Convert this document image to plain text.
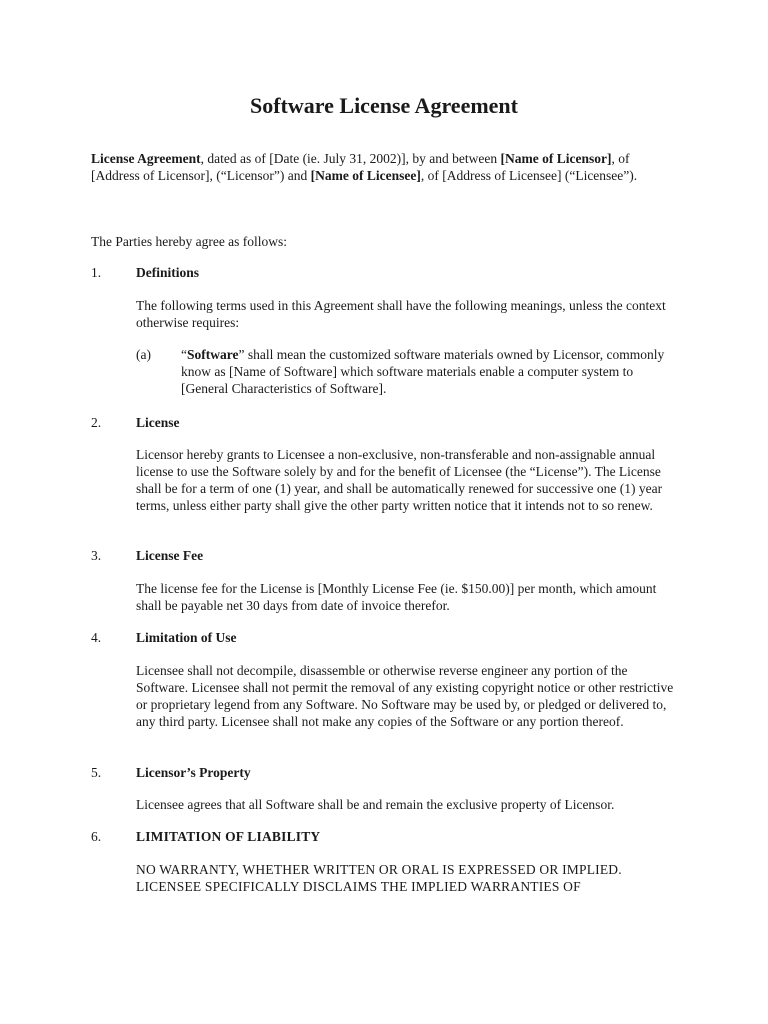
Software License Agreement
License Agreement, dated as of [Date (ie. July 31, 2002)], by and between [Name of Licensor], of [Address of Licensor], (“Licensor”) and [Name of Licensee], of [Address of Licensee] (“Licensee”).
The Parties hereby agree as follows:
1.	Definitions
The following terms used in this Agreement shall have the following meanings, unless the context otherwise requires:
(a) “Software” shall mean the customized software materials owned by Licensor, commonly know as [Name of Software] which software materials enable a computer system to [General Characteristics of Software].
2.	License
Licensor hereby grants to Licensee a non-exclusive, non-transferable and non-assignable annual license to use the Software solely by and for the benefit of Licensee (the “License”). The License shall be for a term of one (1) year, and shall be automatically renewed for successive one (1) year terms, unless either party shall give the other party written notice that it intends not to so renew.
3.	License Fee
The license fee for the License is [Monthly License Fee (ie. $150.00)] per month, which amount shall be payable net 30 days from date of invoice therefor.
4.	Limitation of Use
Licensee shall not decompile, disassemble or otherwise reverse engineer any portion of the Software. Licensee shall not permit the removal of any existing copyright notice or other restrictive or proprietary legend from any Software. No Software may be used by, or pledged or delivered to, any third party. Licensee shall not make any copies of the Software or any portion thereof.
5.	Licensor’s Property
Licensee agrees that all Software shall be and remain the exclusive property of Licensor.
6.	LIMITATION OF LIABILITY
NO WARRANTY, WHETHER WRITTEN OR ORAL IS EXPRESSED OR IMPLIED. LICENSEE SPECIFICALLY DISCLAIMS THE IMPLIED WARRANTIES OF
